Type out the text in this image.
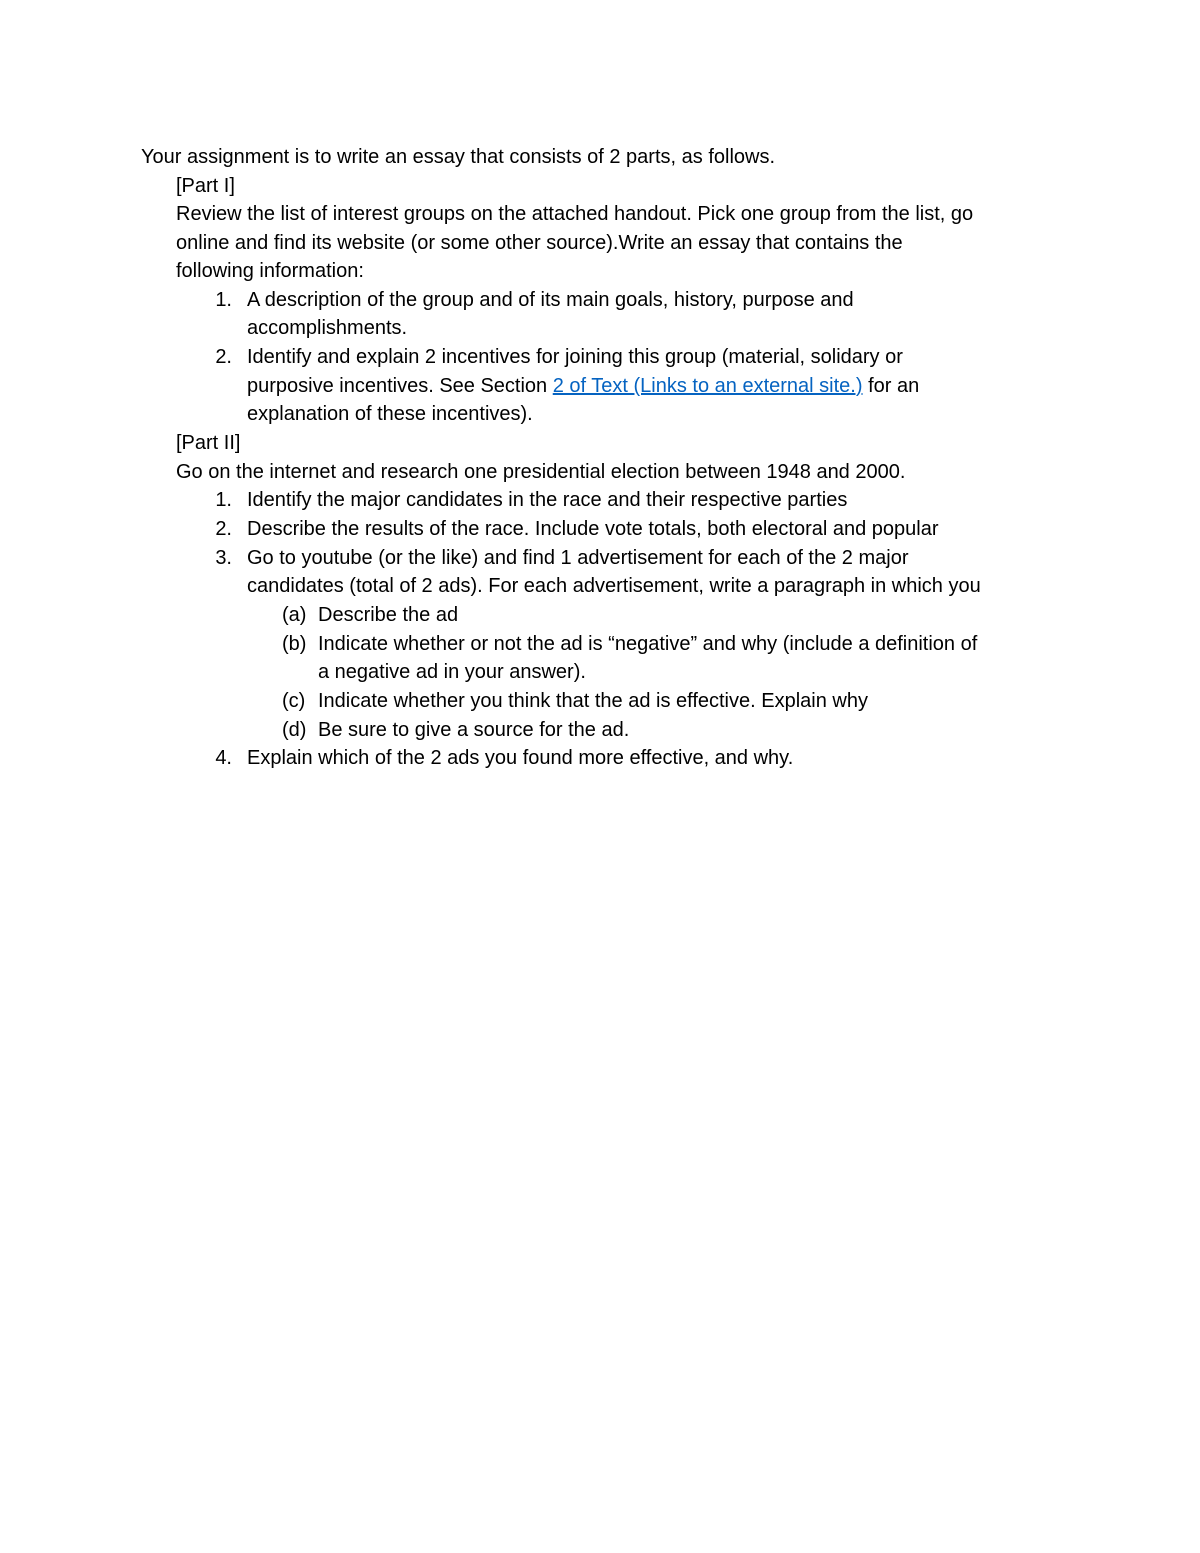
Your assignment is to write an essay that consists of 2 parts, as follows.
[Part I]
Review the list of interest groups on the attached handout. Pick one group from the list, go
online and find its website (or some other source).Write an essay that contains the
following information:
1. A description of the group and of its main goals, history, purpose and
accomplishments.
2. Identify and explain 2 incentives for joining this group (material, solidary or
purposive incentives. See Section 2 of Text (Links to an external site.) for an
explanation of these incentives).
[Part II]
Go on the internet and research one presidential election between 1948 and 2000.
1. Identify the major candidates in the race and their respective parties
2. Describe the results of the race. Include vote totals, both electoral and popular
3. Go to youtube (or the like) and find 1 advertisement for each of the 2 major
candidates (total of 2 ads). For each advertisement, write a paragraph in which you
(a) Describe the ad
(b) Indicate whether or not the ad is “negative” and why (include a definition of
a negative ad in your answer).
(c) Indicate whether you think that the ad is effective. Explain why
(d) Be sure to give a source for the ad.
4. Explain which of the 2 ads you found more effective, and why.
